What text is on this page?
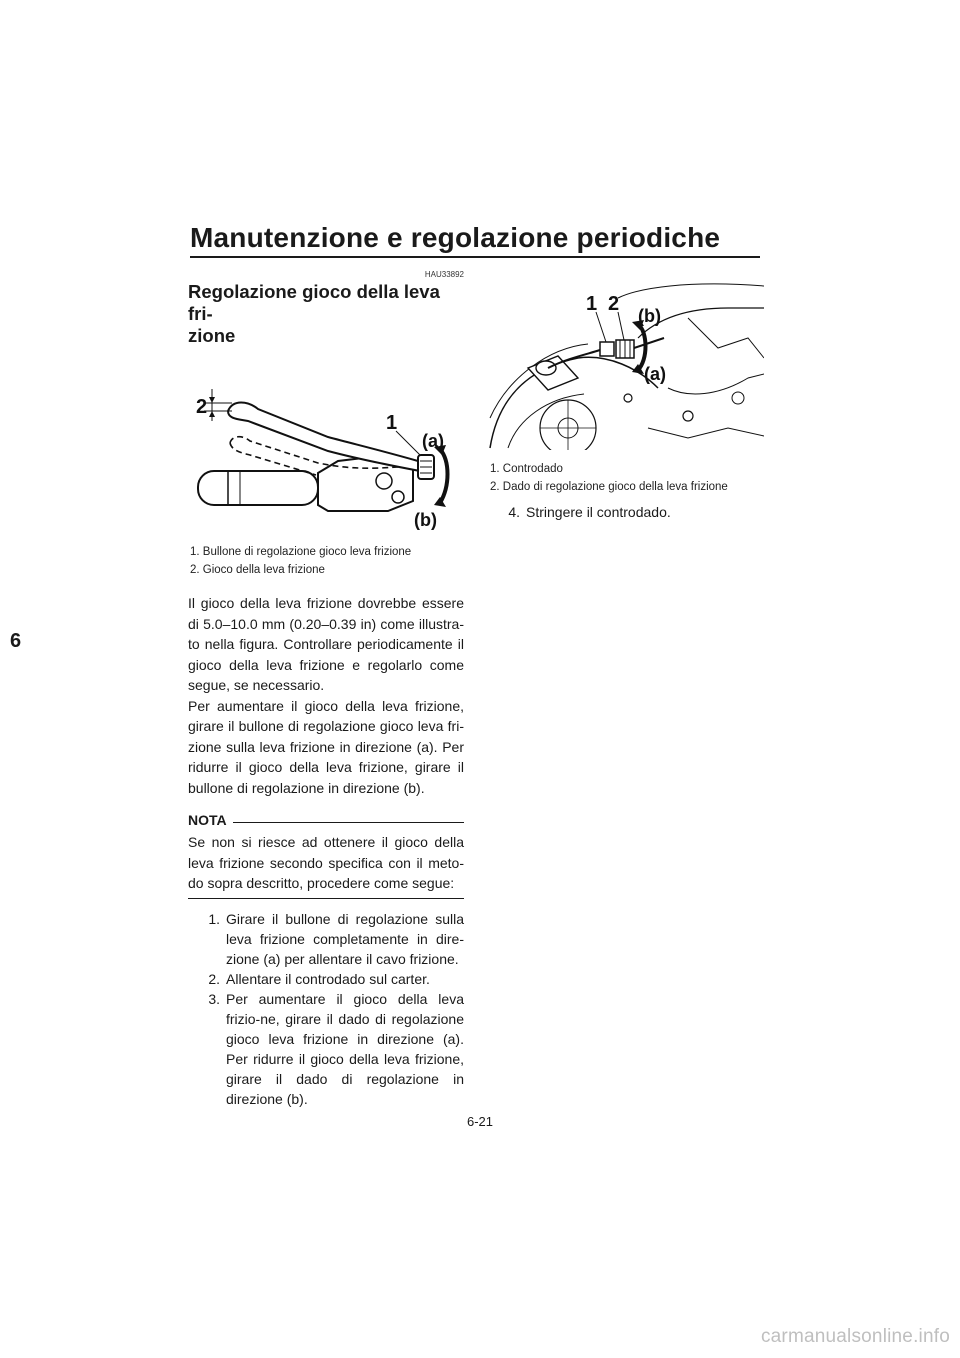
Manutenzione e regolazione periodiche
6
HAU33892
Regolazione gioco della leva fri-
zione
2
1
(a)
(b)
1. Bullone di regolazione gioco leva frizione
2. Gioco della leva frizione

Il gioco della leva frizione dovrebbe essere di 5.0–10.0 mm (0.20–0.39 in) come illustra-to nella figura. Controllare periodicamente il gioco della leva frizione e regolarlo come segue, se necessario.

Per aumentare il gioco della leva frizione, girare il bullone di regolazione gioco leva fri-zione sulla leva frizione in direzione (a). Per ridurre il gioco della leva frizione, girare il bullone di regolazione in direzione (b).

NOTA

Se non si riesce ad ottenere il gioco della leva frizione secondo specifica con il meto-do sopra descritto, procedere come segue:

1. Girare il bullone di regolazione sulla leva frizione completamente in dire-zione (a) per allentare il cavo frizione.
2. Allentare il controdado sul carter.
3. Per aumentare il gioco della leva frizio-ne, girare il dado di regolazione gioco leva frizione in direzione (a). Per ridurre il gioco della leva frizione, girare il dado di regolazione in direzione (b).
1 2
(b)
(a)
1. Controdado
2. Dado di regolazione gioco della leva frizione
4. Stringere il controdado.
6-21
carmanualsonline.info
